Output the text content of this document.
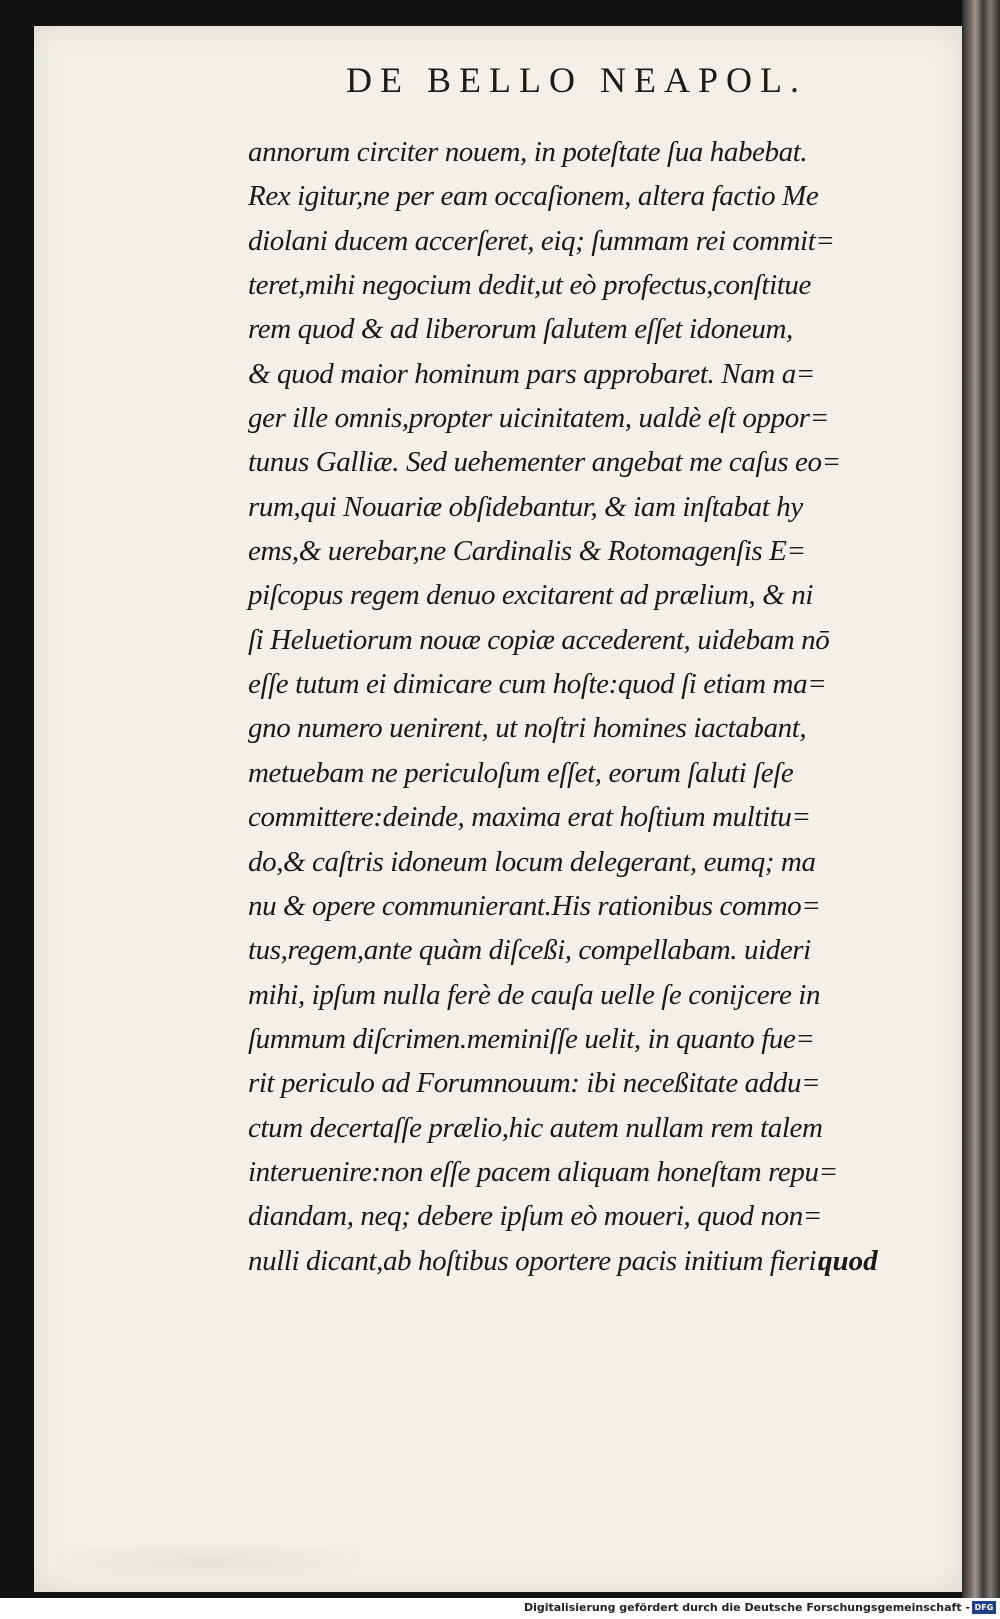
DE BELLO NEAPOL.
annorum circiter nouem, in poteſtate ſua habebat.
Rex igitur,ne per eam occaſionem, altera factio Me
diolani ducem accerſeret, eiq; ſummam rei commit=
teret,mihi negocium dedit,ut eò profectus,conſtitue
rem quod & ad liberorum ſalutem eſſet idoneum,
& quod maior hominum pars approbaret. Nam a=
ger ille omnis,propter uicinitatem, ualdè eſt oppor=
tunus Galliæ. Sed uehementer angebat me caſus eo=
rum,qui Nouariæ obſidebantur, & iam inſtabat hy
ems,& uerebar,ne Cardinalis & Rotomagenſis E=
piſcopus regem denuo excitarent ad prælium, & ni
ſi Heluetiorum nouæ copiæ accederent, uidebam nō
eſſe tutum ei dimicare cum hoſte:quod ſi etiam ma=
gno numero uenirent, ut noſtri homines iactabant,
metuebam ne periculoſum eſſet, eorum ſaluti ſeſe
committere:deinde, maxima erat hoſtium multitu=
do,& caſtris idoneum locum delegerant, eumq; ma
nu & opere communierant.His rationibus commo=
tus,regem,ante quàm diſceßi, compellabam. uideri
mihi, ipſum nulla ferè de cauſa uelle ſe conijcere in
ſummum diſcrimen.meminiſſe uelit, in quanto fue=
rit periculo ad Forumnouum: ibi neceßitate addu=
ctum decertaſſe prælio,hic autem nullam rem talem
interuenire:non eſſe pacem aliquam honeſtam repu=
diandam, neq; debere ipſum eò moueri, quod non=
nulli dicant,ab hoſtibus oportere pacis initium fieri:
quod
Digitalisierung gefördert durch die Deutsche Forschungsgemeinschaft - DFG
